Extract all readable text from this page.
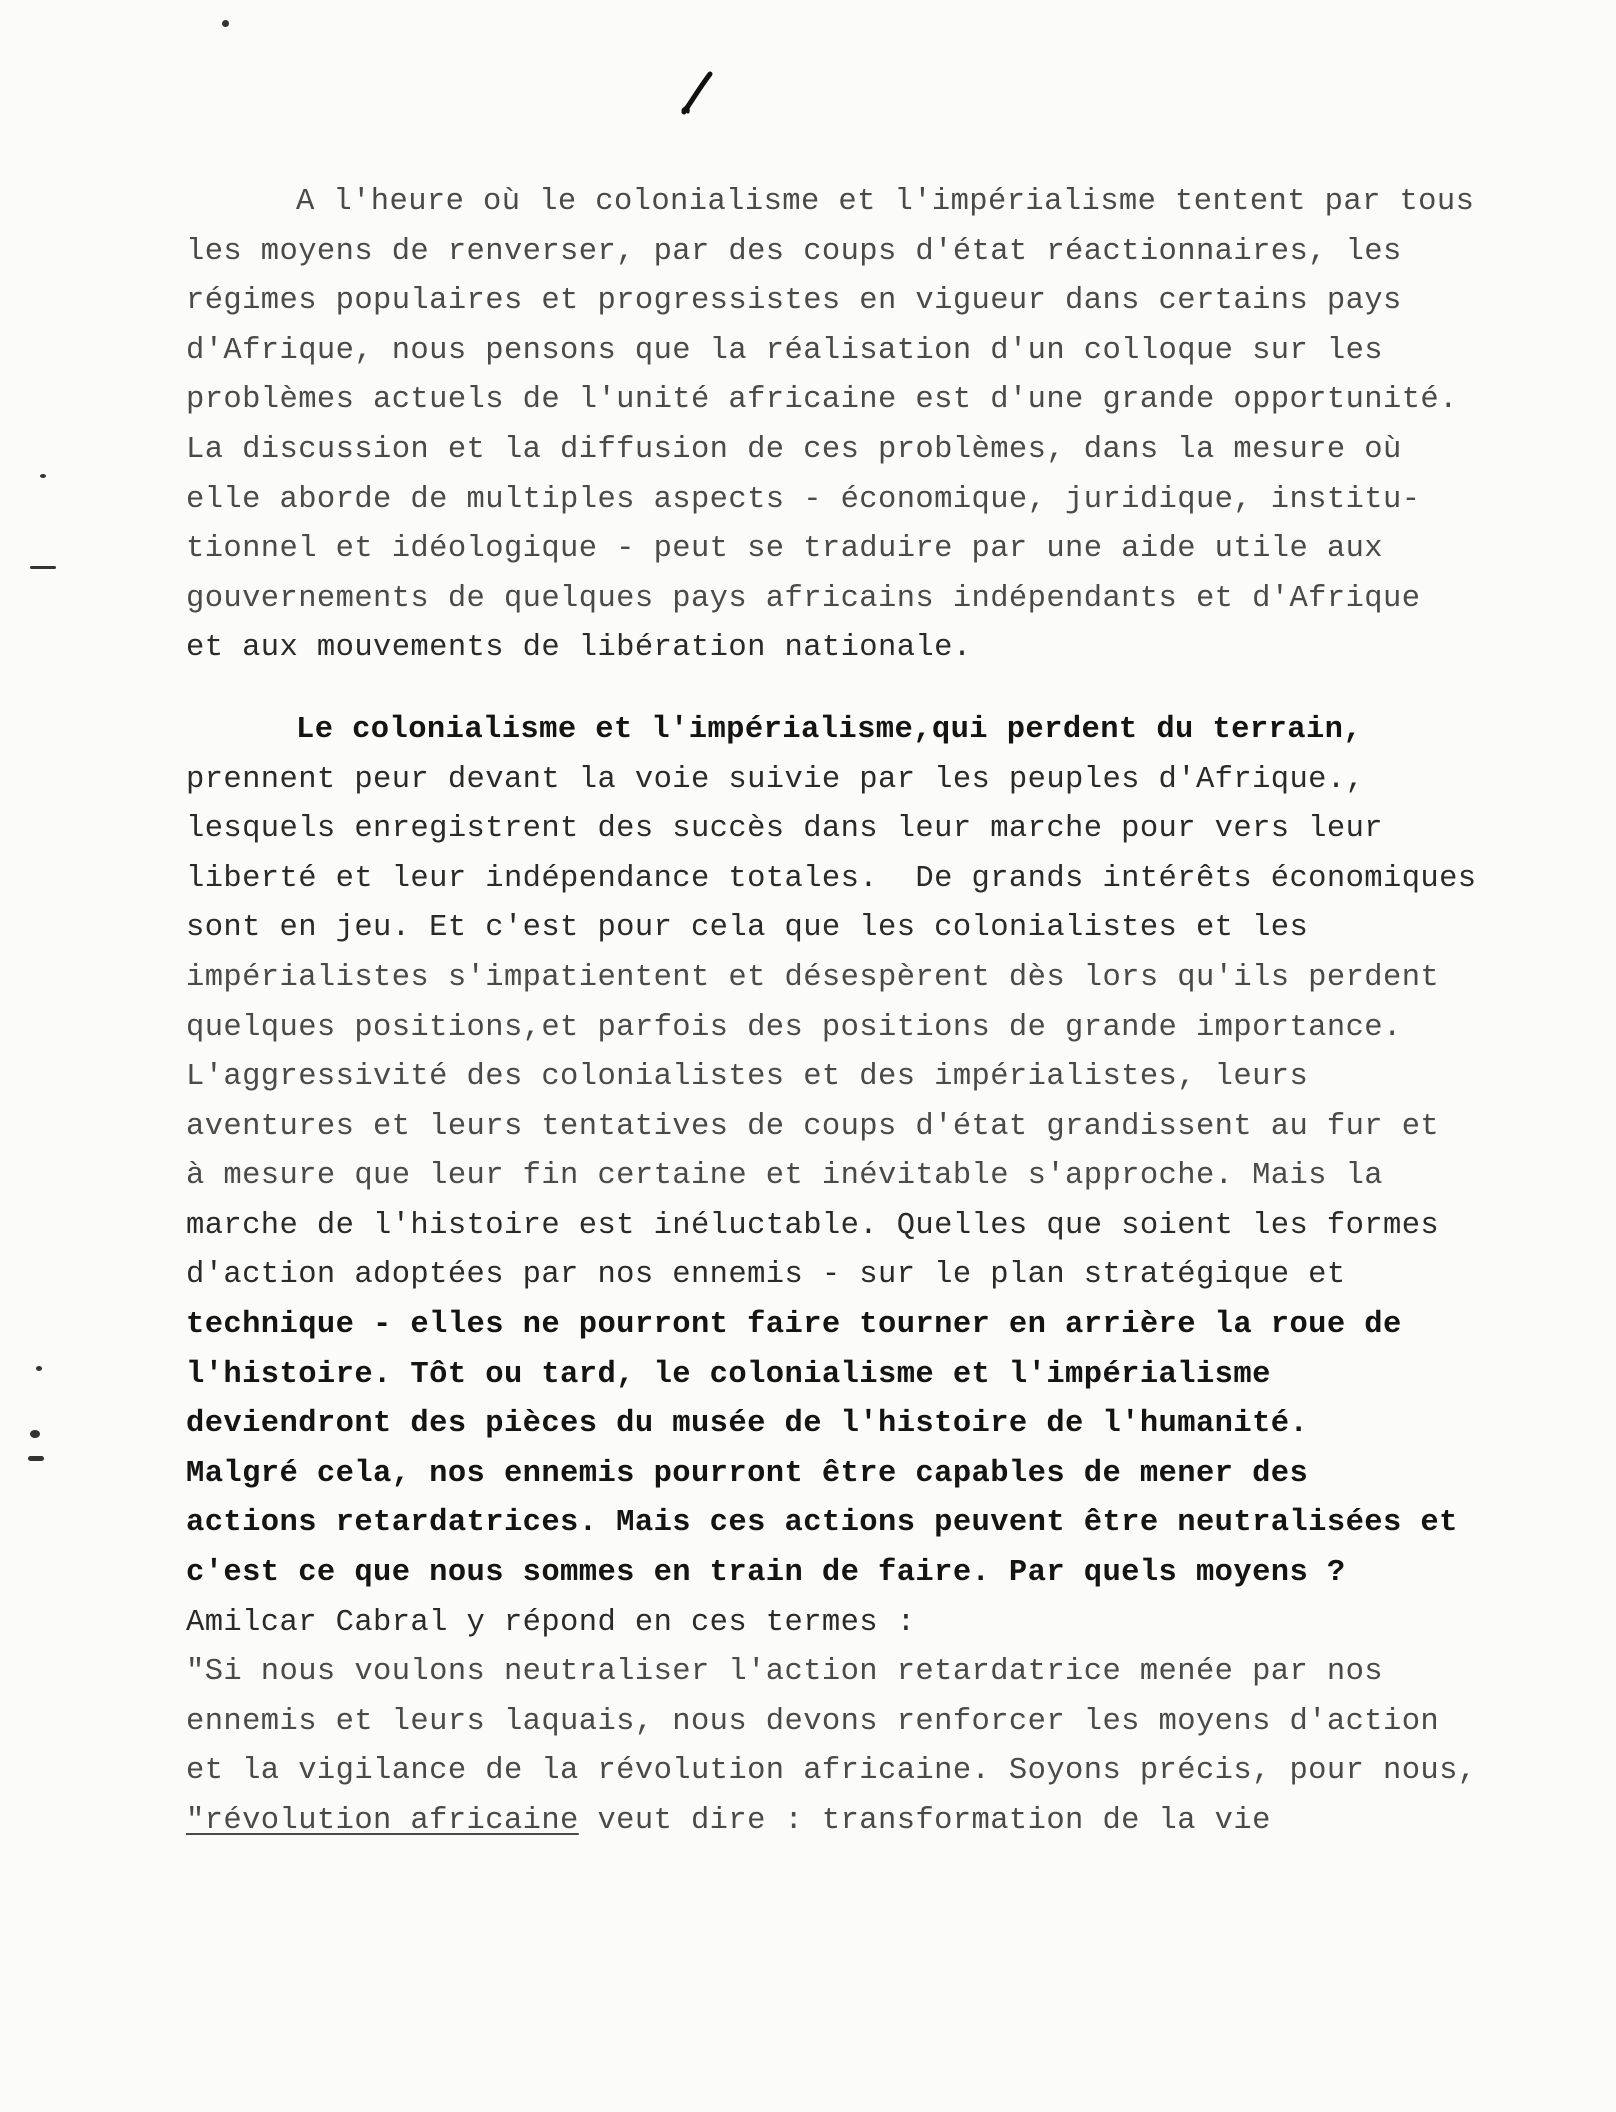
A l'heure où le colonialisme et l'impérialisme tentent par tous
les moyens de renverser, par des coups d'état réactionnaires, les
régimes populaires et progressistes en vigueur dans certains pays
d'Afrique, nous pensons que la réalisation d'un colloque sur les
problèmes actuels de l'unité africaine est d'une grande opportunité.
La discussion et la diffusion de ces problèmes, dans la mesure où
elle aborde de multiples aspects - économique, juridique, institu-
tionnel et idéologique - peut se traduire par une aide utile aux
gouvernements de quelques pays africains indépendants et d'Afrique
et aux mouvements de libération nationale.
Le colonialisme et l'impérialisme,qui perdent du terrain,
prennent peur devant la voie suivie par les peuples d'Afrique.,
lesquels enregistrent des succès dans leur marche pour vers leur
liberté et leur indépendance totales.  De grands intérêts économiques
sont en jeu. Et c'est pour cela que les colonialistes et les
impérialistes s'impatientent et désespèrent dès lors qu'ils perdent
quelques positions,et parfois des positions de grande importance.
L'aggressivité des colonialistes et des impérialistes, leurs
aventures et leurs tentatives de coups d'état grandissent au fur et
à mesure que leur fin certaine et inévitable s'approche. Mais la
marche de l'histoire est inéluctable. Quelles que soient les formes
d'action adoptées par nos ennemis - sur le plan stratégique et
technique - elles ne pourront faire tourner en arrière la roue de
l'histoire. Tôt ou tard, le colonialisme et l'impérialisme
deviendront des pièces du musée de l'histoire de l'humanité.
Malgré cela, nos ennemis pourront être capables de mener des
actions retardatrices. Mais ces actions peuvent être neutralisées et
c'est ce que nous sommes en train de faire. Par quels moyens ?
Amilcar Cabral y répond en ces termes :
"Si nous voulons neutraliser l'action retardatrice menée par nos
ennemis et leurs laquais, nous devons renforcer les moyens d'action
et la vigilance de la révolution africaine. Soyons précis, pour nous,
"révolution africaine veut dire : transformation de la vie
